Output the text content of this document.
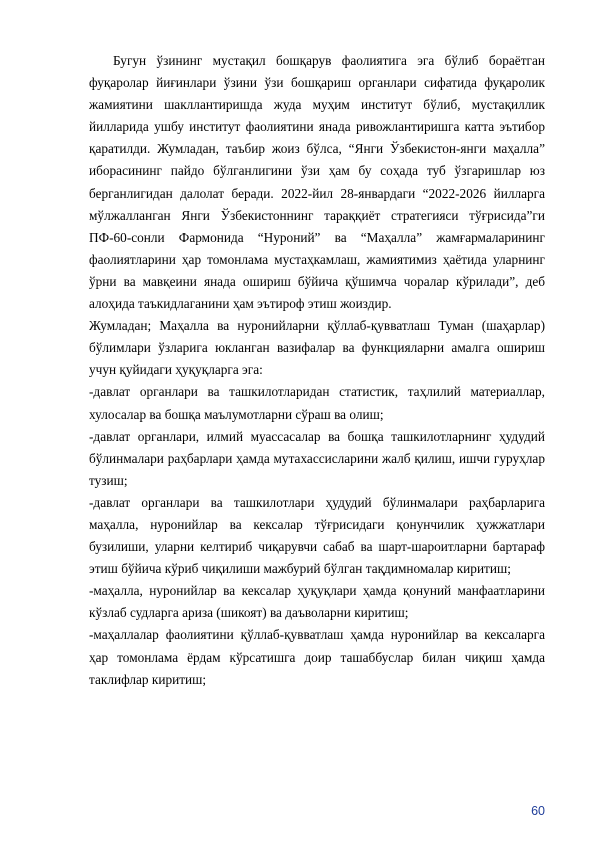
Бугун ўзининг мустақил бошқарув фаолиятига эга бўлиб бораётган фуқаролар йиғинлари ўзини ўзи бошқариш органлари сифатида фуқаролик жамиятини шакллантиришда жуда муҳим институт бўлиб, мустақиллик йилларида ушбу институт фаолиятини янада ривожлантиришга катта эътибор қаратилди. Жумладан, таъбир жоиз бўлса, “Янги Ўзбекистон-янги маҳалла” иборасининг пайдо бўлганлигини ўзи ҳам бу соҳада туб ўзгаришлар юз берганлигидан далолат беради. 2022-йил 28-январдаги “2022-2026 йилларга мўлжалланган Янги Ўзбекистоннинг тараққиёт стратегияси тўғрисида”ги ПФ-60-сонли Фармонида “Нуроний” ва “Маҳалла” жамғармаларининг фаолиятларини ҳар томонлама мустаҳкамлаш, жамиятимиз ҳаётида уларнинг ўрни ва мавқеини янада ошириш бўйича қўшимча чоралар кўрилади”, деб алоҳида таъкидлаганини ҳам эътироф этиш жоиздир.

Жумладан; Маҳалла ва нуронийларни қўллаб-қувватлаш Туман (шаҳарлар) бўлимлари ўзларига юкланган вазифалар ва функцияларни амалга ошириш учун қуйидаги ҳуқуқларга эга:

-давлат органлари ва ташкилотларидан статистик, таҳлилий материаллар, хулосалар ва бошқа маълумотларни сўраш ва олиш;

-давлат органлари, илмий муассасалар ва бошқа ташкилотларнинг ҳудудий бўлинмалари раҳбарлари ҳамда мутахассисларини жалб қилиш, ишчи гуруҳлар тузиш;

-давлат органлари ва ташкилотлари ҳудудий бўлинмалари раҳбарларига маҳалла, нуронийлар ва кексалар тўғрисидаги қонунчилик ҳужжатлари бузилиши, уларни келтириб чиқарувчи сабаб ва шарт-шароитларни бартараф этиш бўйича кўриб чиқилиши мажбурий бўлган тақдимномалар киритиш;

-маҳалла, нуронийлар ва кексалар ҳуқуқлари ҳамда қонуний манфаатларини кўзлаб судларга ариза (шикоят) ва даъволарни киритиш;

-маҳаллалар фаолиятини қўллаб-қувватлаш ҳамда нуронийлар ва кексаларга ҳар томонлама ёрдам кўрсатишга доир ташаббуслар билан чиқиш ҳамда таклифлар киритиш;

60
